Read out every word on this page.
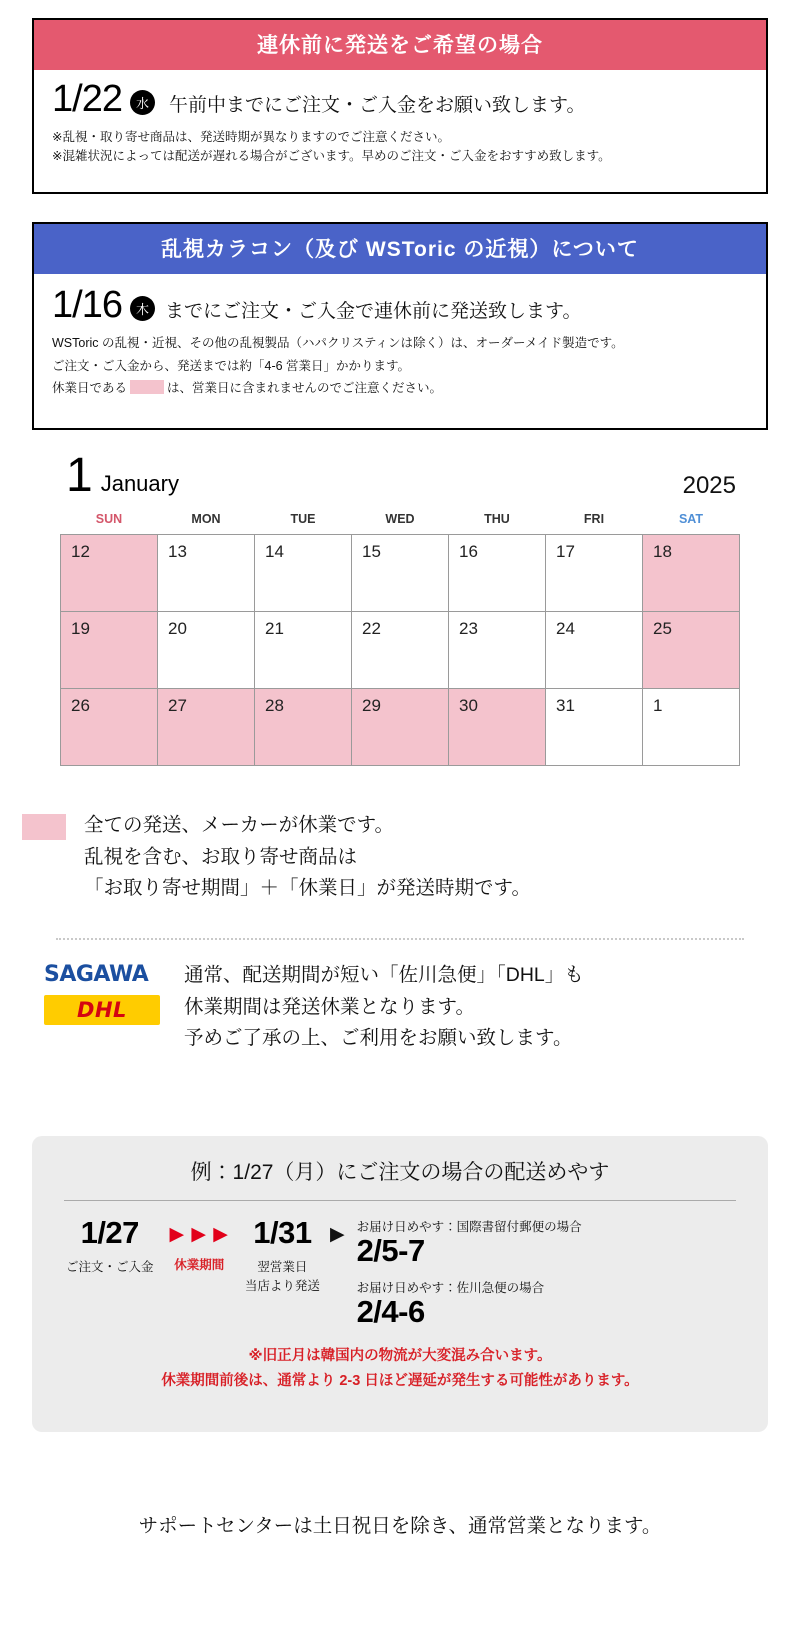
連休前に発送をご希望の場合
1/22	水	午前中までにご注文・ご入金をお願い致します。
※乱視・取り寄せ商品は、発送時期が異なりますのでご注意ください。
※混雑状況によっては配送が遅れる場合がございます。早めのご注文・ご入金をおすすめ致します。
乱視カラコン（及び WSToric の近視）について
1/16	木 までにご注文・ご入金で連休前に発送致します。
WSToric の乱視・近視、その他の乱視製品（ハパクリスティンは除く）は、オーダーメイド製造です。
ご注文・ご入金から、発送までは約「4-6 営業日」かかります。
休業日である	は、営業日に含まれませんのでご注意ください。
1 January	2025
SUN	MON	TUE	WED	THU	FRI	SAT
12	13	14	15	16	17	18
19	20	21	22	23	24	25
26	27	28	29	30	31	1
全ての発送、メーカーが休業です。
乱視を含む、お取り寄せ商品は
「お取り寄せ期間」＋「休業日」が発送時期です。
SAGAWA
DHL
通常、配送期間が短い「佐川急便」「DHL」も
休業期間は発送休業となります。
予めご了承の上、ご利用をお願い致します。
例：1/27（月）にご注文の場合の配送めやす
1/27
ご注文・ご入金
▶ ▶ ▶
休業期間
1/31
翌営業日
当店より発送
▶ お届け日めやす：国際書留付郵便の場合
2/5-7
お届け日めやす：佐川急便の場合
2/4-6
※旧正月は韓国内の物流が大変混み合います。
休業期間前後は、通常より 2-3 日ほど遅延が発生する可能性があります。
サポートセンターは土日祝日を除き、通常営業となります。
